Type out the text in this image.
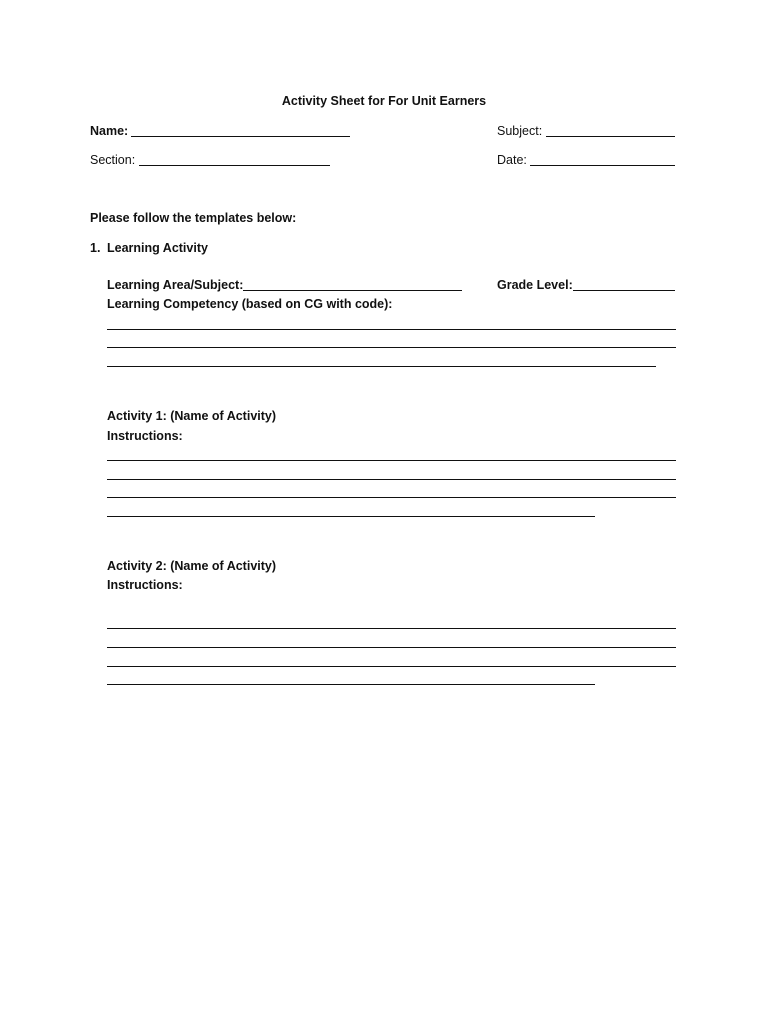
Activity Sheet for For Unit Earners
Name:	Subject:
Section:	Date:
Please follow the templates below:
1. Learning Activity
Learning Area/Subject:	Grade Level:
Learning Competency (based on CG with code):
Activity 1: (Name of Activity)
Instructions:
Activity 2: (Name of Activity)
Instructions:
